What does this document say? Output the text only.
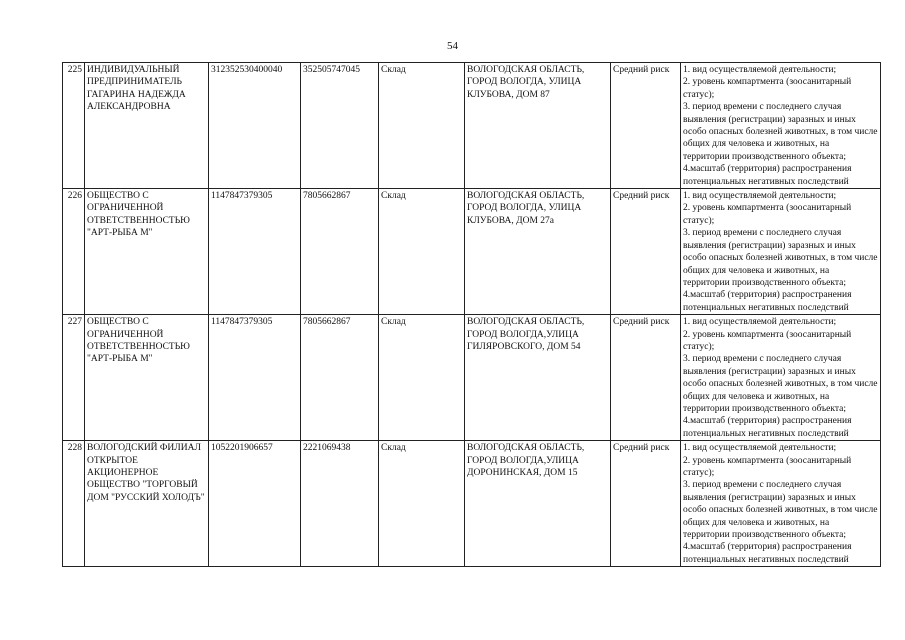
54
225	ИНДИВИДУАЛЬНЫЙ ПРЕДПРИНИМАТЕЛЬ ГАГАРИНА НАДЕЖДА АЛЕКСАНДРОВНА	312352530400040	352505747045	Склад	ВОЛОГОДСКАЯ ОБЛАСТЬ, ГОРОД ВОЛОГДА, УЛИЦА КЛУБОВА, ДОМ 87	Средний риск	1. вид осуществляемой деятельности;
2. уровень компартмента (зоосанитарный статус);
3. период времени с последнего случая выявления (регистрации) заразных и иных особо опасных болезней животных, в том числе общих для человека и животных, на территории производственного объекта;
4.масштаб (территория) распространения потенциальных негативных последствий

226	ОБЩЕСТВО С ОГРАНИЧЕННОЙ ОТВЕТСТВЕННОСТЬЮ "АРТ-РЫБА М"	1147847379305	7805662867	Склад	ВОЛОГОДСКАЯ ОБЛАСТЬ, ГОРОД ВОЛОГДА, УЛИЦА КЛУБОВА, ДОМ 27а	Средний риск	1. вид осуществляемой деятельности;
2. уровень компартмента (зоосанитарный статус);
3. период времени с последнего случая выявления (регистрации) заразных и иных особо опасных болезней животных, в том числе общих для человека и животных, на территории производственного объекта;
4.масштаб (территория) распространения потенциальных негативных последствий

227	ОБЩЕСТВО С ОГРАНИЧЕННОЙ ОТВЕТСТВЕННОСТЬЮ "АРТ-РЫБА М"	1147847379305	7805662867	Склад	ВОЛОГОДСКАЯ ОБЛАСТЬ, ГОРОД ВОЛОГДА,УЛИЦА ГИЛЯРОВСКОГО, ДОМ 54	Средний риск	1. вид осуществляемой деятельности;
2. уровень компартмента (зоосанитарный статус);
3. период времени с последнего случая выявления (регистрации) заразных и иных особо опасных болезней животных, в том числе общих для человека и животных, на территории производственного объекта;
4.масштаб (территория) распространения потенциальных негативных последствий

228	ВОЛОГОДСКИЙ ФИЛИАЛ ОТКРЫТОЕ АКЦИОНЕРНОЕ ОБЩЕСТВО "ТОРГОВЫЙ ДОМ "РУССКИЙ ХОЛОДЪ"	1052201906657	2221069438	Склад	ВОЛОГОДСКАЯ ОБЛАСТЬ, ГОРОД ВОЛОГДА,УЛИЦА ДОРОНИНСКАЯ, ДОМ 15	Средний риск	1. вид осуществляемой деятельности;
2. уровень компартмента (зоосанитарный статус);
3. период времени с последнего случая выявления (регистрации) заразных и иных особо опасных болезней животных, в том числе общих для человека и животных, на территории производственного объекта;
4.масштаб (территория) распространения потенциальных негативных последствий
